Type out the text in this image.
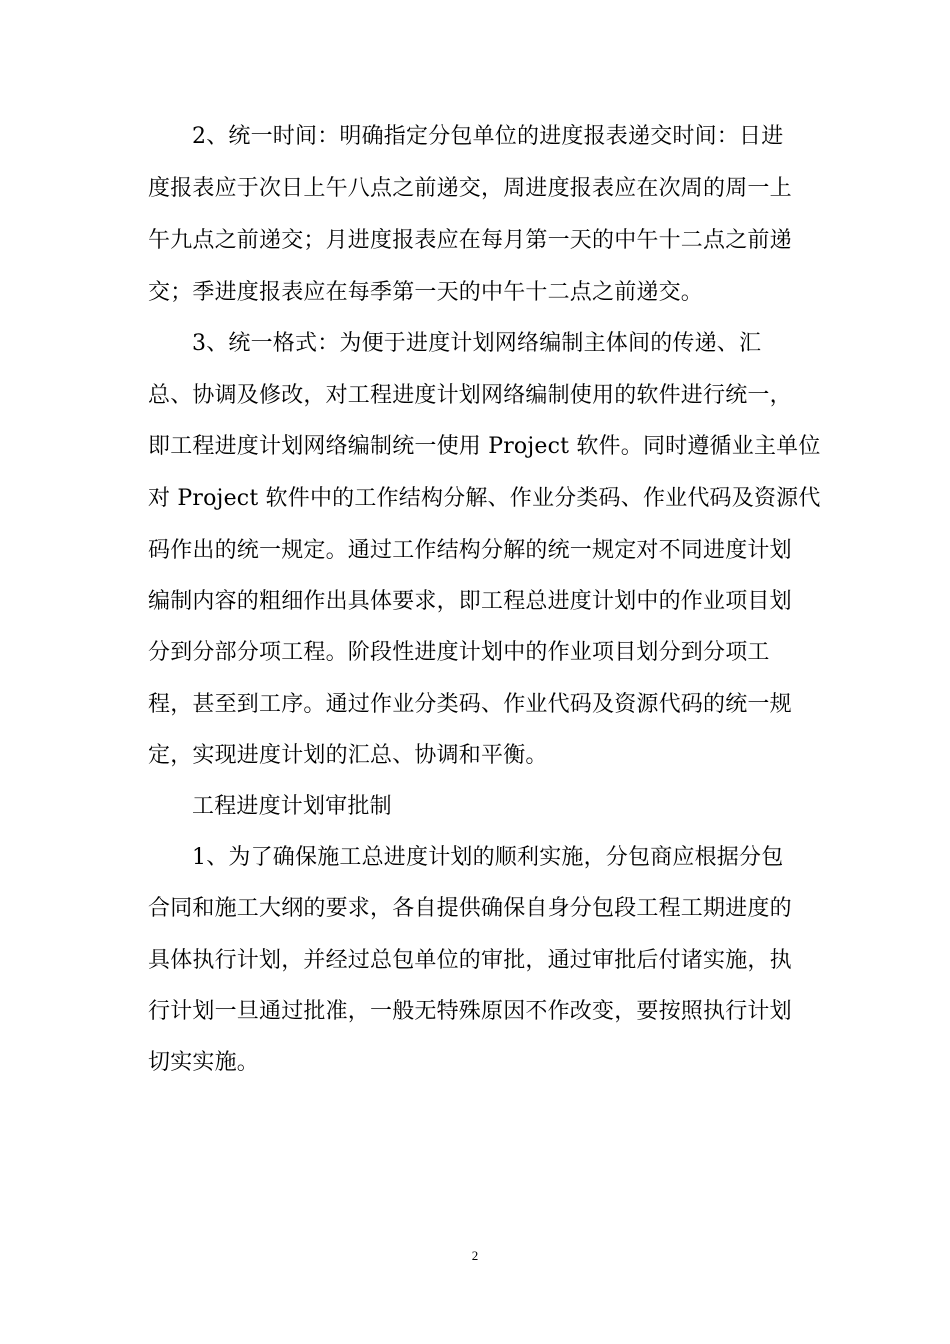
2、统一时间：明确指定分包单位的进度报表递交时间：日进
度报表应于次日上午八点之前递交，周进度报表应在次周的周一上
午九点之前递交；月进度报表应在每月第一天的中午十二点之前递
交；季进度报表应在每季第一天的中午十二点之前递交。
3、统一格式：为便于进度计划网络编制主体间的传递、汇
总、协调及修改，对工程进度计划网络编制使用的软件进行统一，
即工程进度计划网络编制统一使用 Project 软件。同时遵循业主单位
对 Project 软件中的工作结构分解、作业分类码、作业代码及资源代
码作出的统一规定。通过工作结构分解的统一规定对不同进度计划
编制内容的粗细作出具体要求，即工程总进度计划中的作业项目划
分到分部分项工程。阶段性进度计划中的作业项目划分到分项工
程，甚至到工序。通过作业分类码、作业代码及资源代码的统一规
定，实现进度计划的汇总、协调和平衡。
工程进度计划审批制
1、为了确保施工总进度计划的顺利实施，分包商应根据分包
合同和施工大纲的要求，各自提供确保自身分包段工程工期进度的
具体执行计划，并经过总包单位的审批，通过审批后付诸实施，执
行计划一旦通过批准，一般无特殊原因不作改变，要按照执行计划
切实实施。
2
